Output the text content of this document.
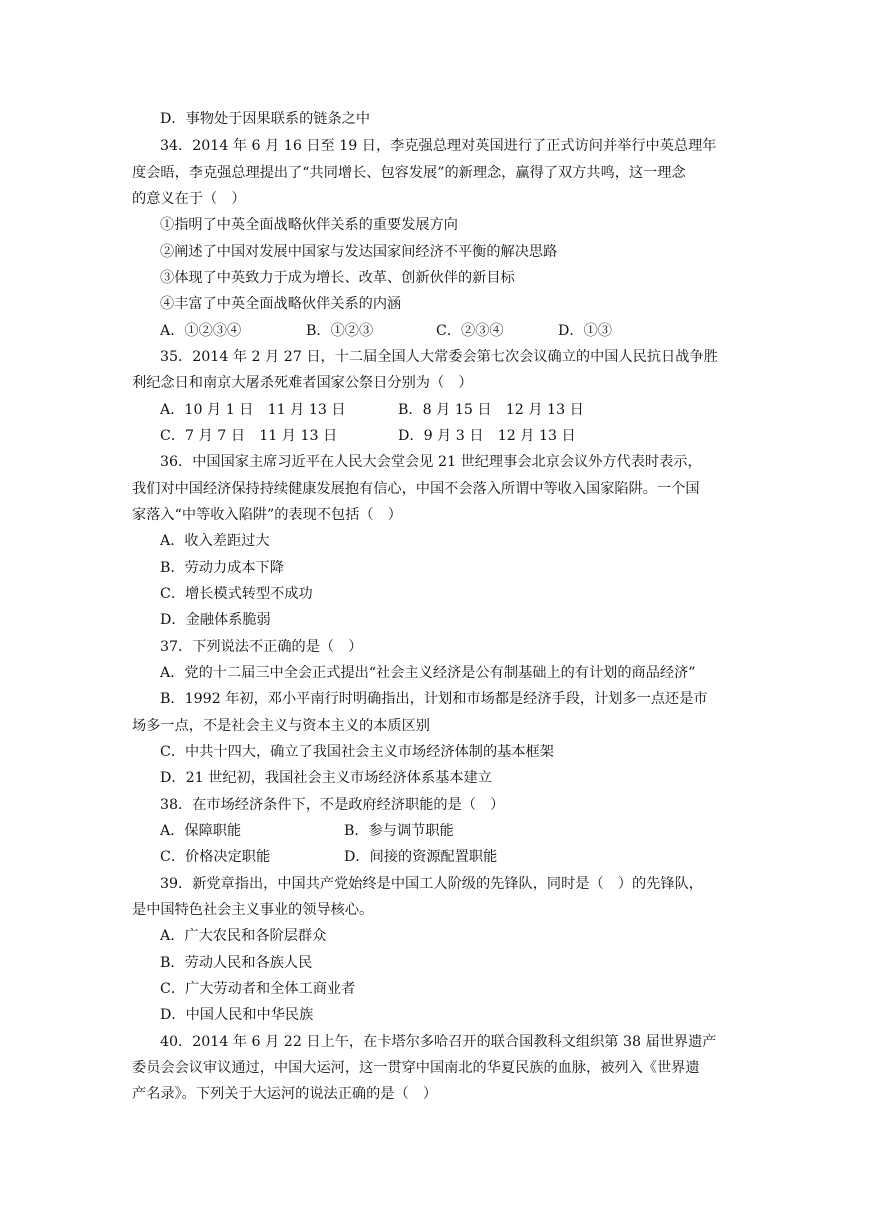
D．事物处于因果联系的链条之中
34．2014 年 6 月 16 日至 19 日，李克强总理对英国进行了正式访问并举行中英总理年
度会晤，李克强总理提出了“共同增长、包容发展”的新理念，赢得了双方共鸣，这一理念
的意义在于（　）
①指明了中英全面战略伙伴关系的重要发展方向
②阐述了中国对发展中国家与发达国家间经济不平衡的解决思路
③体现了中英致力于成为增长、改革、创新伙伴的新目标
④丰富了中英全面战略伙伴关系的内涵
A．①②③④	B．①②③	C．②③④	D．①③
35．2014 年 2 月 27 日，十二届全国人大常委会第七次会议确立的中国人民抗日战争胜
利纪念日和南京大屠杀死难者国家公祭日分别为（　）
A．10 月 1 日　11 月 13 日	B．8 月 15 日　12 月 13 日
C．7 月 7 日　11 月 13 日	D．9 月 3 日　12 月 13 日
36．中国国家主席习近平在人民大会堂会见 21 世纪理事会北京会议外方代表时表示，
我们对中国经济保持持续健康发展抱有信心，中国不会落入所谓中等收入国家陷阱。一个国
家落入“中等收入陷阱”的表现不包括（　）
A．收入差距过大
B．劳动力成本下降
C．增长模式转型不成功
D．金融体系脆弱
37．下列说法不正确的是（　）
A．党的十二届三中全会正式提出“社会主义经济是公有制基础上的有计划的商品经济”
B．1992 年初，邓小平南行时明确指出，计划和市场都是经济手段，计划多一点还是市
场多一点，不是社会主义与资本主义的本质区别
C．中共十四大，确立了我国社会主义市场经济体制的基本框架
D．21 世纪初，我国社会主义市场经济体系基本建立
38．在市场经济条件下，不是政府经济职能的是（　）
A．保障职能	B．参与调节职能
C．价格决定职能	D．间接的资源配置职能
39．新党章指出，中国共产党始终是中国工人阶级的先锋队，同时是（　）的先锋队，
是中国特色社会主义事业的领导核心。
A．广大农民和各阶层群众
B．劳动人民和各族人民
C．广大劳动者和全体工商业者
D．中国人民和中华民族
40．2014 年 6 月 22 日上午，在卡塔尔多哈召开的联合国教科文组织第 38 届世界遗产
委员会会议审议通过，中国大运河，这一贯穿中国南北的华夏民族的血脉，被列入《世界遗
产名录》。下列关于大运河的说法正确的是（　）
